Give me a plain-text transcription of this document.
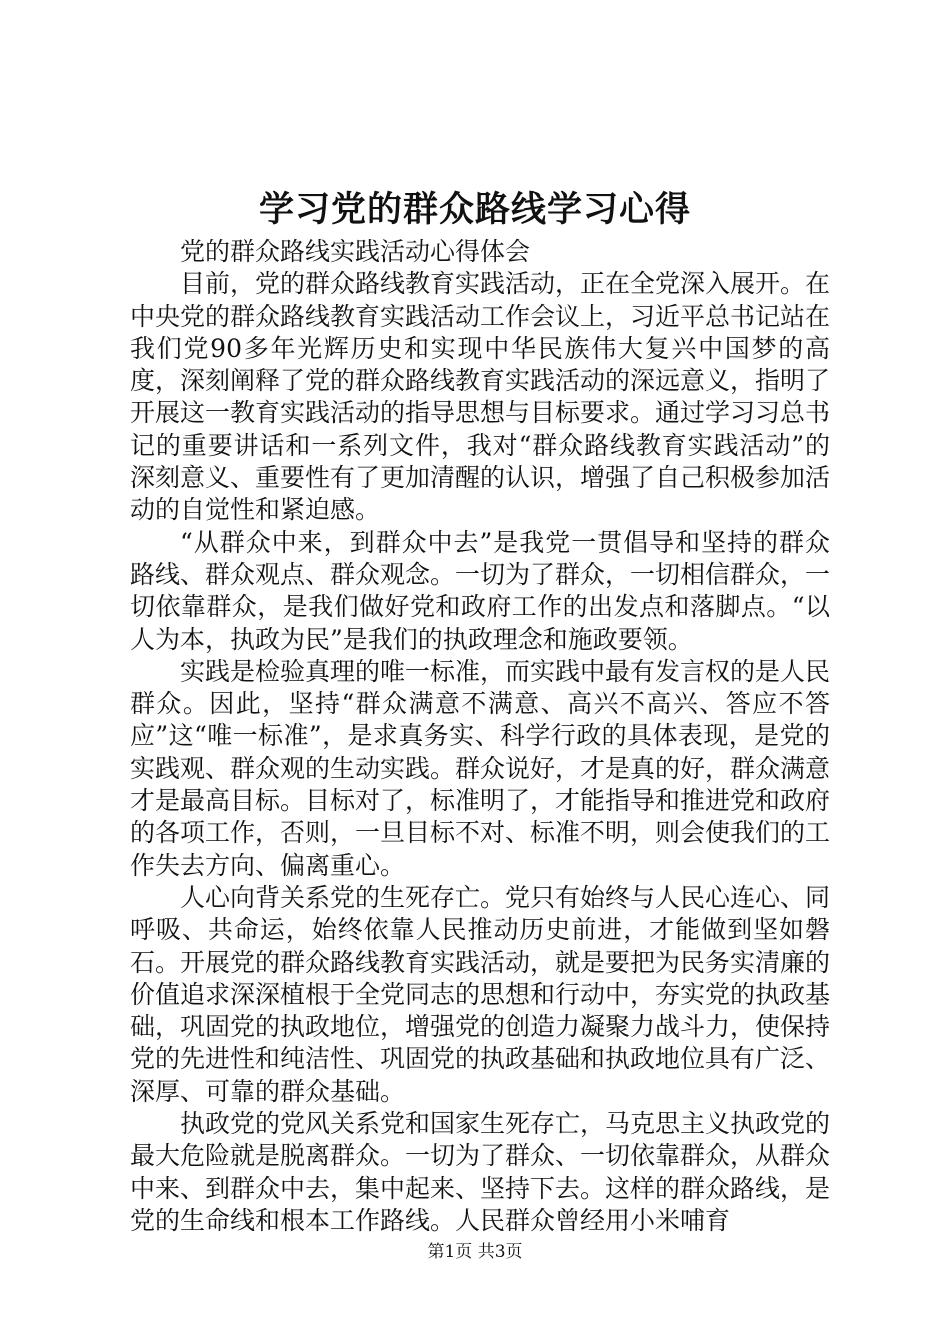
学习党的群众路线学习心得

党的群众路线实践活动心得体会

目前，党的群众路线教育实践活动，正在全党深入展开。在中央党的群众路线教育实践活动工作会议上，习近平总书记站在我们党90多年光辉历史和实现中华民族伟大复兴中国梦的高度，深刻阐释了党的群众路线教育实践活动的深远意义，指明了开展这一教育实践活动的指导思想与目标要求。通过学习习总书记的重要讲话和一系列文件，我对“群众路线教育实践活动”的深刻意义、重要性有了更加清醒的认识，增强了自己积极参加活动的自觉性和紧迫感。

“从群众中来，到群众中去”是我党一贯倡导和坚持的群众路线、群众观点、群众观念。一切为了群众，一切相信群众，一切依靠群众，是我们做好党和政府工作的出发点和落脚点。“以人为本，执政为民”是我们的执政理念和施政要领。

实践是检验真理的唯一标准，而实践中最有发言权的是人民群众。因此，坚持“群众满意不满意、高兴不高兴、答应不答应”这“唯一标准”，是求真务实、科学行政的具体表现，是党的实践观、群众观的生动实践。群众说好，才是真的好，群众满意才是最高目标。目标对了，标准明了，才能指导和推进党和政府的各项工作，否则，一旦目标不对、标准不明，则会使我们的工作失去方向、偏离重心。

人心向背关系党的生死存亡。党只有始终与人民心连心、同呼吸、共命运，始终依靠人民推动历史前进，才能做到坚如磐石。开展党的群众路线教育实践活动，就是要把为民务实清廉的价值追求深深植根于全党同志的思想和行动中，夯实党的执政基础，巩固党的执政地位，增强党的创造力凝聚力战斗力，使保持党的先进性和纯洁性、巩固党的执政基础和执政地位具有广泛、深厚、可靠的群众基础。

执政党的党风关系党和国家生死存亡，马克思主义执政党的最大危险就是脱离群众。一切为了群众、一切依靠群众，从群众中来、到群众中去，集中起来、坚持下去。这样的群众路线，是党的生命线和根本工作路线。人民群众曾经用小米哺育

第1页 共3页
